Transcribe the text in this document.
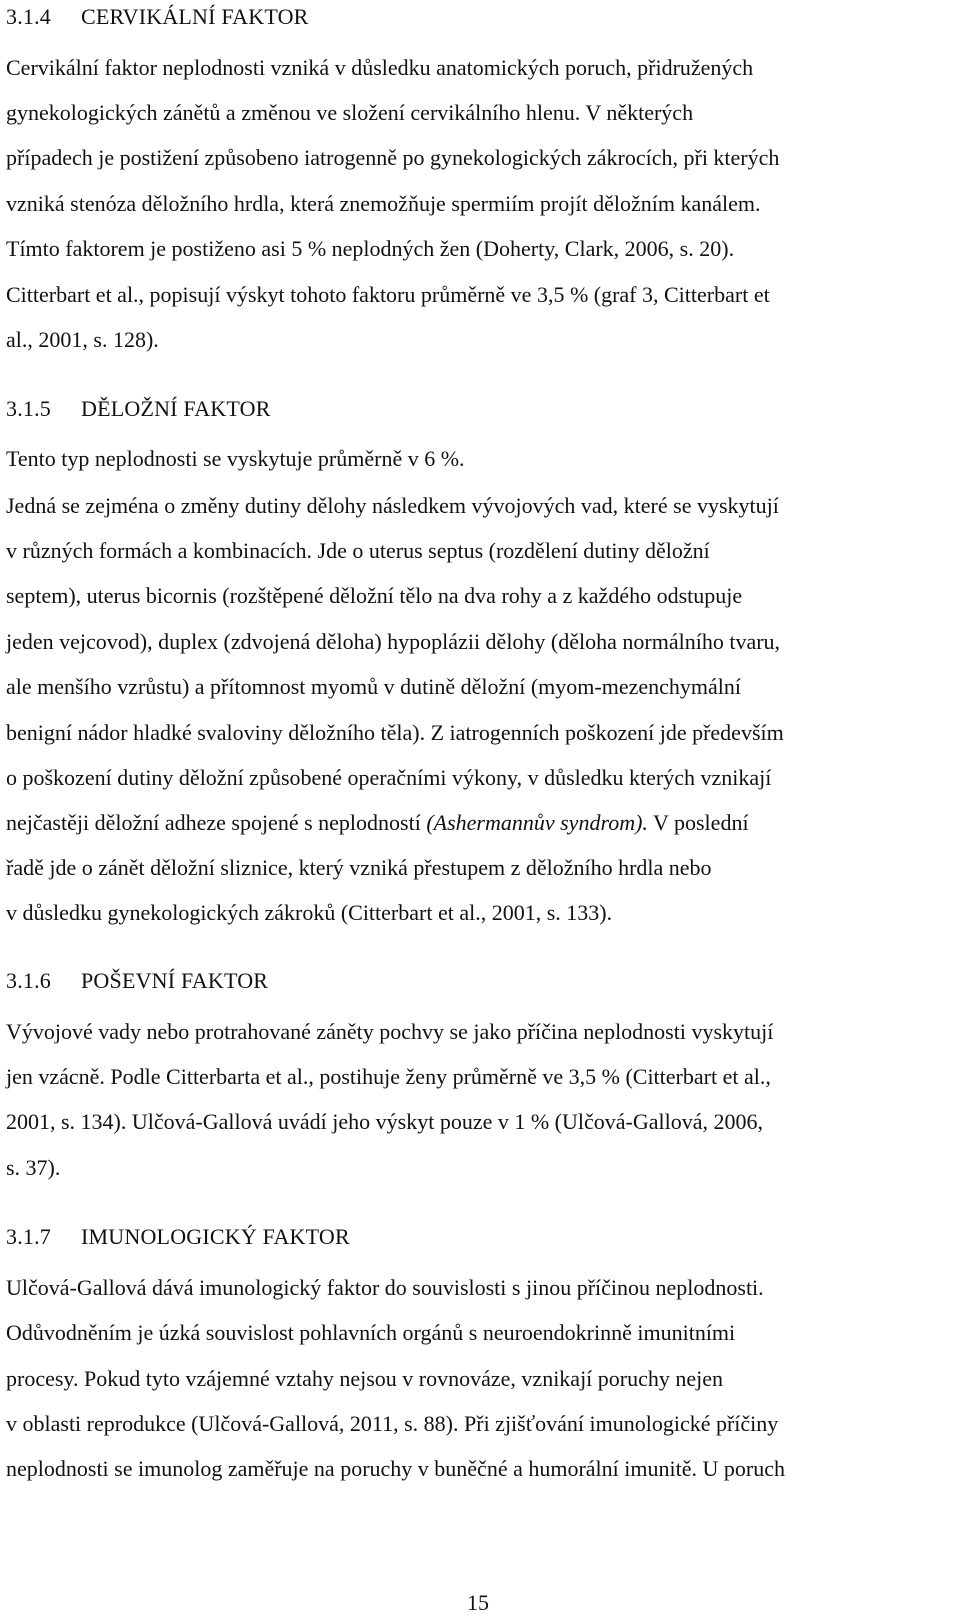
3.1.4 CERVIKÁLNÍ FAKTOR
Cervikální faktor neplodnosti vzniká v důsledku anatomických poruch, přidružených
gynekologických zánětů a změnou ve složení cervikálního hlenu. V některých
případech je postižení způsobeno iatrogenně po gynekologických zákrocích, při kterých
vzniká stenóza děložního hrdla, která znemožňuje spermiím projít děložním kanálem.
Tímto faktorem je postiženo asi 5 % neplodných žen (Doherty, Clark, 2006, s. 20).
Citterbart et al., popisují výskyt tohoto faktoru průměrně ve 3,5 % (graf 3, Citterbart et
al., 2001, s. 128).
3.1.5 DĚLOŽNÍ FAKTOR
Tento typ neplodnosti se vyskytuje průměrně v 6 %.
Jedná se zejména o změny dutiny dělohy následkem vývojových vad, které se vyskytují
v různých formách a kombinacích. Jde o uterus septus (rozdělení dutiny děložní
septem), uterus bicornis (rozštěpené děložní tělo na dva rohy a z každého odstupuje
jeden vejcovod), duplex (zdvojená děloha) hypoplázii dělohy (děloha normálního tvaru,
ale menšího vzrůstu) a přítomnost myomů v dutině děložní (myom-mezenchymální
benigní nádor hladké svaloviny děložního těla). Z iatrogenních poškození jde především
o poškození dutiny děložní způsobené operačními výkony, v důsledku kterých vznikají
nejčastěji děložní adheze spojené s neplodností (Ashermannův syndrom). V poslední
řadě jde o zánět děložní sliznice, který vzniká přestupem z děložního hrdla nebo
v důsledku gynekologických zákroků (Citterbart et al., 2001, s. 133).
3.1.6 POŠEVNÍ FAKTOR
Vývojové vady nebo protrahované záněty pochvy se jako příčina neplodnosti vyskytují
jen vzácně. Podle Citterbarta et al., postihuje ženy průměrně ve 3,5 % (Citterbart et al.,
2001, s. 134). Ulčová-Gallová uvádí jeho výskyt pouze v 1 % (Ulčová-Gallová, 2006,
s. 37).
3.1.7 IMUNOLOGICKÝ FAKTOR
Ulčová-Gallová dává imunologický faktor do souvislosti s jinou příčinou neplodnosti.
Odůvodněním je úzká souvislost pohlavních orgánů s neuroendokrinně imunitními
procesy. Pokud tyto vzájemné vztahy nejsou v rovnováze, vznikají poruchy nejen
v oblasti reprodukce (Ulčová-Gallová, 2011, s. 88). Při zjišťování imunologické příčiny
neplodnosti se imunolog zaměřuje na poruchy v buněčné a humorální imunitě. U poruch
15
